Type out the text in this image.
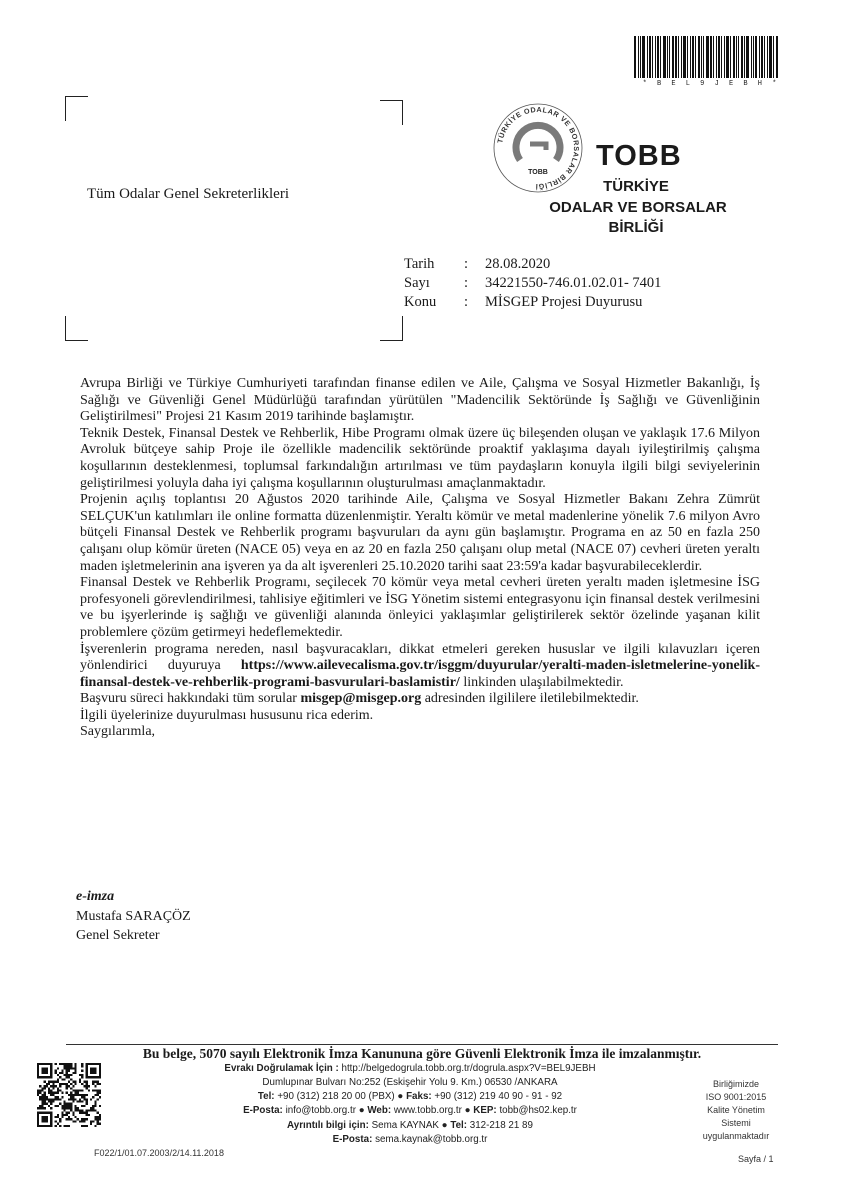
* B E L 9 J E B H *
Tüm Odalar Genel Sekreterlikleri
TÜRKİYE ODALAR VE BORSALAR BİRLİĞİ
TOBB
TOBB
TÜRKİYE
ODALAR VE BORSALAR
BİRLİĞİ
Tarih : 28.08.2020
Sayı : 34221550-746.01.02.01- 7401
Konu : MİSGEP Projesi Duyurusu

Avrupa Birliği ve Türkiye Cumhuriyeti tarafından finanse edilen ve Aile, Çalışma ve Sosyal Hizmetler Bakanlığı, İş Sağlığı ve Güvenliği Genel Müdürlüğü tarafından yürütülen "Madencilik Sektöründe İş Sağlığı ve Güvenliğinin Geliştirilmesi" Projesi 21 Kasım 2019 tarihinde başlamıştır.

Teknik Destek, Finansal Destek ve Rehberlik, Hibe Programı olmak üzere üç bileşenden oluşan ve yaklaşık 17.6 Milyon Avroluk bütçeye sahip Proje ile özellikle madencilik sektöründe proaktif yaklaşıma dayalı iyileştirilmiş çalışma koşullarının desteklenmesi, toplumsal farkındalığın artırılması ve tüm paydaşların konuyla ilgili bilgi seviyelerinin geliştirilmesi yoluyla daha iyi çalışma koşullarının oluşturulması amaçlanmaktadır.

Projenin açılış toplantısı 20 Ağustos 2020 tarihinde Aile, Çalışma ve Sosyal Hizmetler Bakanı Zehra Zümrüt SELÇUK'un katılımları ile online formatta düzenlenmiştir. Yeraltı kömür ve metal madenlerine yönelik 7.6 milyon Avro bütçeli Finansal Destek ve Rehberlik programı başvuruları da aynı gün başlamıştır. Programa en az 50 en fazla 250 çalışanı olup kömür üreten (NACE 05) veya en az 20 en fazla 250 çalışanı olup metal (NACE 07) cevheri üreten yeraltı maden işletmelerinin ana işveren ya da alt işverenleri 25.10.2020 tarihi saat 23:59'a kadar başvurabileceklerdir.

Finansal Destek ve Rehberlik Programı, seçilecek 70 kömür veya metal cevheri üreten yeraltı maden işletmesine İSG profesyoneli görevlendirilmesi, tahlisiye eğitimleri ve İSG Yönetim sistemi entegrasyonu için finansal destek verilmesini ve bu işyerlerinde iş sağlığı ve güvenliği alanında önleyici yaklaşımlar geliştirilerek sektör özelinde yaşanan kilit problemlere çözüm getirmeyi hedeflemektedir.

İşverenlerin programa nereden, nasıl başvuracakları, dikkat etmeleri gereken hususlar ve ilgili kılavuzları içeren yönlendirici duyuruya https://www.ailevecalisma.gov.tr/isggm/duyurular/yeralti-maden-isletmelerine-yonelik-finansal-destek-ve-rehberlik-programi-basvurulari-baslamistir/ linkinden ulaşılabilmektedir.

Başvuru süreci hakkındaki tüm sorular misgep@misgep.org adresinden ilgililere iletilebilmektedir.

İlgili üyelerinize duyurulması hususunu rica ederim.

Saygılarımla,

e-imza
Mustafa SARAÇÖZ
Genel Sekreter
Bu belge, 5070 sayılı Elektronik İmza Kanununa göre Güvenli Elektronik İmza ile imzalanmıştır.
Evrakı Doğrulamak İçin : http://belgedogrula.tobb.org.tr/dogrula.aspx?V=BEL9JEBH
Dumlupınar Bulvarı No:252 (Eskişehir Yolu 9. Km.) 06530 /ANKARA
Tel: +90 (312) 218 20 00 (PBX) ● Faks: +90 (312) 219 40 90 - 91 - 92
E-Posta: info@tobb.org.tr ● Web: www.tobb.org.tr ● KEP: tobb@hs02.kep.tr
Ayrıntılı bilgi için: Sema KAYNAK ● Tel: 312-218 21 89
E-Posta: sema.kaynak@tobb.org.tr
Birliğimizde
ISO 9001:2015
Kalite Yönetim
Sistemi
uygulanmaktadır
F022/1/01.07.2003/2/14.11.2018
Sayfa / 1
